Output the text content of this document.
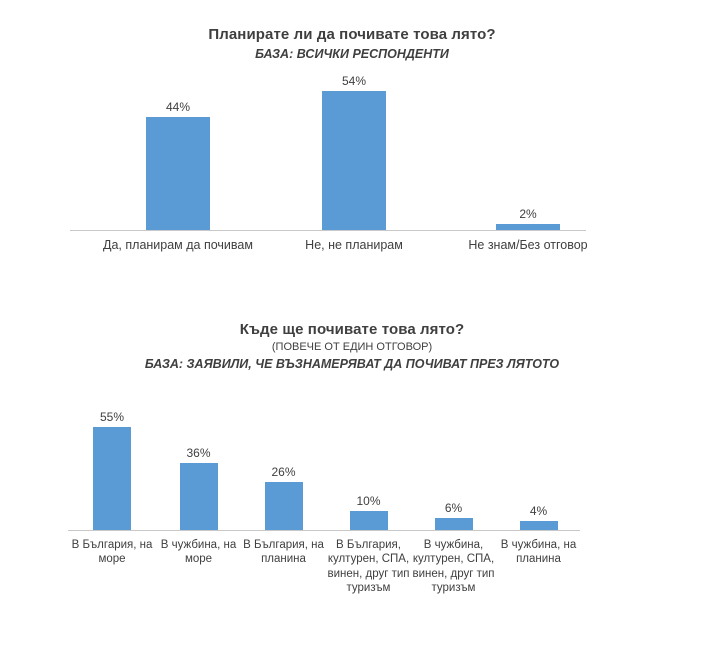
Планирате ли да почивате това лято?
БАЗА: ВСИЧКИ РЕСПОНДЕНТИ
44%
54%
2%
Да, планирам да почивам	Не, не планирам	Не знам/Без отговор
Къде ще почивате това лято?
(ПОВЕЧЕ ОТ ЕДИН ОТГОВОР)
БАЗА: ЗАЯВИЛИ, ЧЕ ВЪЗНАМЕРЯВАТ ДА ПОЧИВАТ ПРЕЗ ЛЯТОТО
55%
36%
26%
10%	6%	4%
В България, на море
В чужбина, на море
В България, на планина
В България, културен, СПА, винен, друг тип туризъм
В чужбина, културен, СПА, винен, друг тип туризъм
В чужбина, на планина
